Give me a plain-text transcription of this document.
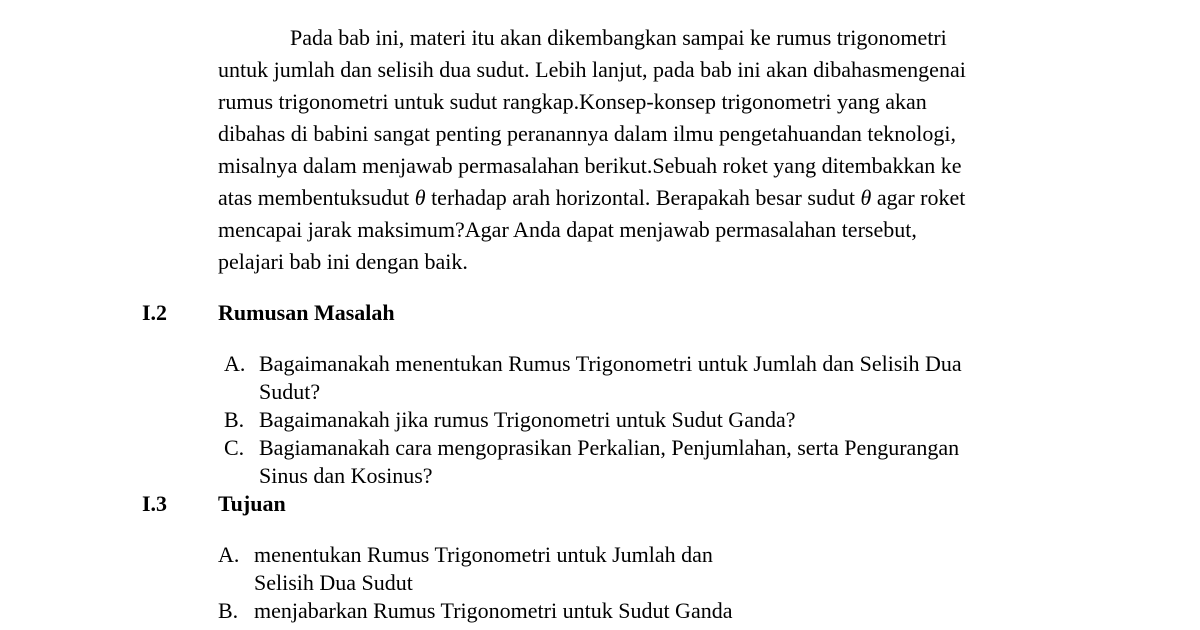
Pada bab ini, materi itu akan dikembangkan sampai ke rumus trigonometri
untuk jumlah dan selisih dua sudut. Lebih lanjut, pada bab ini akan dibahasmengenai
rumus trigonometri untuk sudut rangkap.Konsep-konsep trigonometri yang akan
dibahas di babini sangat penting peranannya dalam ilmu pengetahuandan teknologi,
misalnya dalam menjawab permasalahan berikut.Sebuah roket yang ditembakkan ke
atas membentuksudut θ terhadap arah horizontal. Berapakah besar sudut θ agar roket
mencapai jarak maksimum?Agar Anda dapat menjawab permasalahan tersebut,
pelajari bab ini dengan baik.
I.2 Rumusan Masalah
A. Bagaimanakah menentukan Rumus Trigonometri untuk Jumlah dan Selisih Dua
Sudut?
B. Bagaimanakah jika rumus Trigonometri untuk Sudut Ganda?
C. Bagiamanakah cara mengoprasikan Perkalian, Penjumlahan, serta Pengurangan
Sinus dan Kosinus?
I.3 Tujuan
A. menentukan Rumus Trigonometri untuk Jumlah dan
Selisih Dua Sudut
B. menjabarkan Rumus Trigonometri untuk Sudut Ganda
